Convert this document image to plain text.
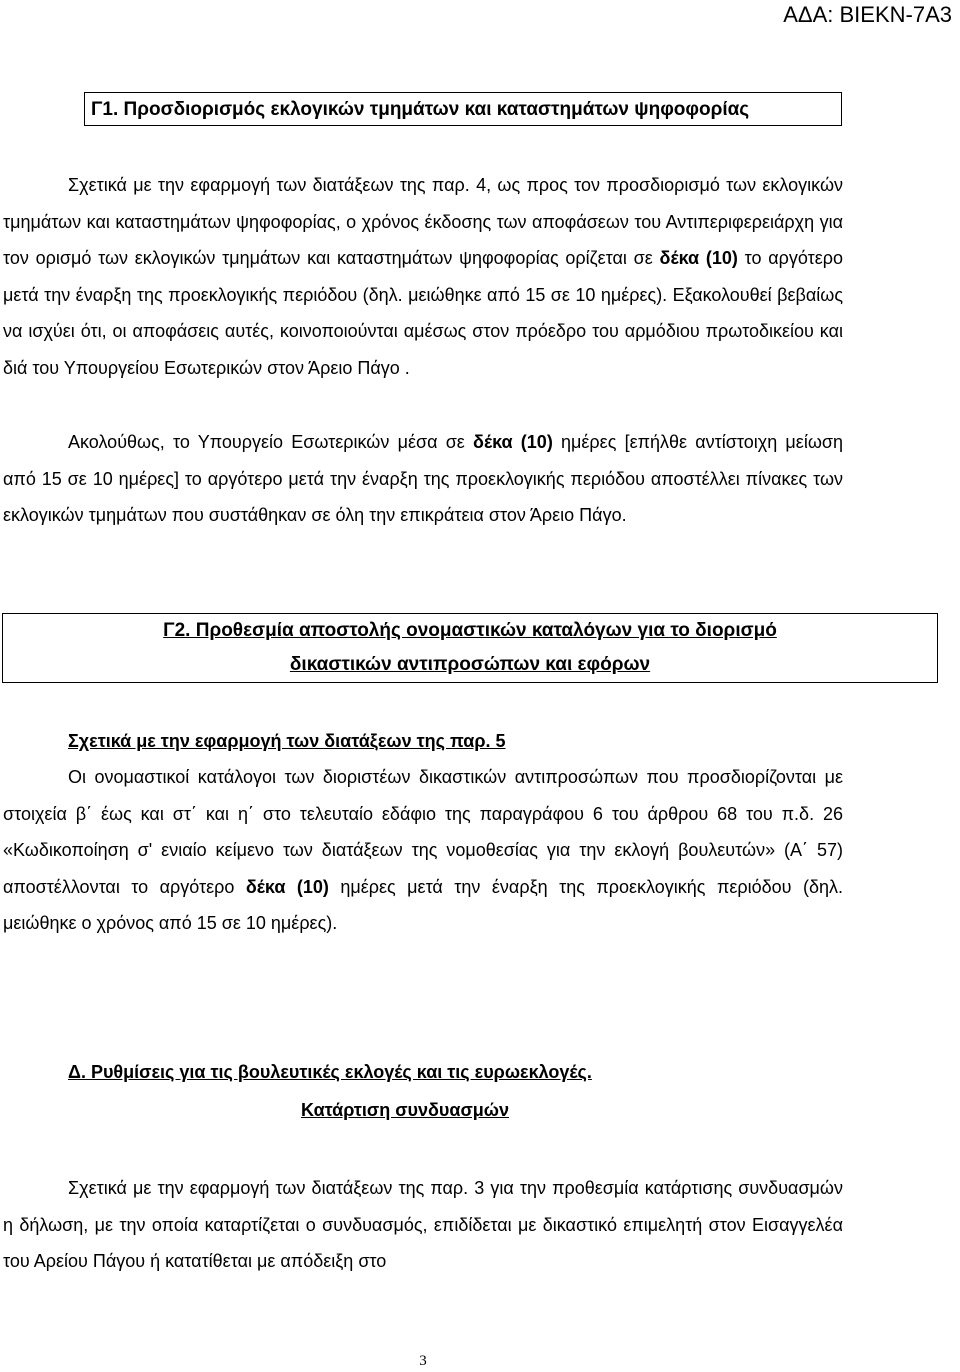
ΑΔΑ: ΒΙΕΚΝ-7Α3
Γ1. Προσδιορισμός εκλογικών τμημάτων και καταστημάτων ψηφοφορίας
Σχετικά με την εφαρμογή των διατάξεων της παρ. 4, ως προς τον προσδιορισμό των εκλογικών τμημάτων και καταστημάτων ψηφοφορίας, ο χρόνος έκδοσης των αποφάσεων του Αντιπεριφερειάρχη για τον ορισμό των εκλογικών τμημάτων και καταστημάτων ψηφοφορίας ορίζεται σε δέκα (10) το αργότερο μετά την έναρξη της προεκλογικής περιόδου (δηλ. μειώθηκε από 15 σε 10 ημέρες). Εξακολουθεί βεβαίως να ισχύει ότι, οι αποφάσεις αυτές, κοινοποιούνται αμέσως στον πρόεδρο του αρμόδιου πρωτοδικείου και διά του Υπουργείου Εσωτερικών στον Άρειο Πάγο .
Ακολούθως, το Υπουργείο Εσωτερικών μέσα σε δέκα (10) ημέρες [επήλθε αντίστοιχη μείωση από 15 σε 10 ημέρες] το αργότερο μετά την έναρξη της προεκλογικής περιόδου αποστέλλει πίνακες των εκλογικών τμημάτων που συστάθηκαν σε όλη την επικράτεια στον Άρειο Πάγο.
Γ2. Προθεσμία αποστολής ονομαστικών καταλόγων για το διορισμό
δικαστικών αντιπροσώπων και εφόρων
Σχετικά με την εφαρμογή των διατάξεων της παρ. 5
Οι ονομαστικοί κατάλογοι των διοριστέων δικαστικών αντιπροσώπων που προσδιορίζονται με στοιχεία β΄ έως και στ΄ και η΄ στο τελευταίο εδάφιο της παραγράφου 6 του άρθρου 68 του π.δ. 26 «Κωδικοποίηση σ' ενιαίο κείμενο των διατάξεων της νομοθεσίας για την εκλογή βουλευτών» (Α΄ 57) αποστέλλονται το αργότερο δέκα (10) ημέρες μετά την έναρξη της προεκλογικής περιόδου (δηλ. μειώθηκε ο χρόνος από 15 σε 10 ημέρες).
Δ. Ρυθμίσεις για τις βουλευτικές εκλογές και τις ευρωεκλογές.
Κατάρτιση συνδυασμών
Σχετικά με την εφαρμογή των διατάξεων της παρ. 3 για την προθεσμία κατάρτισης συνδυασμών η δήλωση, με την οποία καταρτίζεται ο συνδυασμός, επιδίδεται με δικαστικό επιμελητή στον Εισαγγελέα του Αρείου Πάγου ή κατατίθεται με απόδειξη στο
3
